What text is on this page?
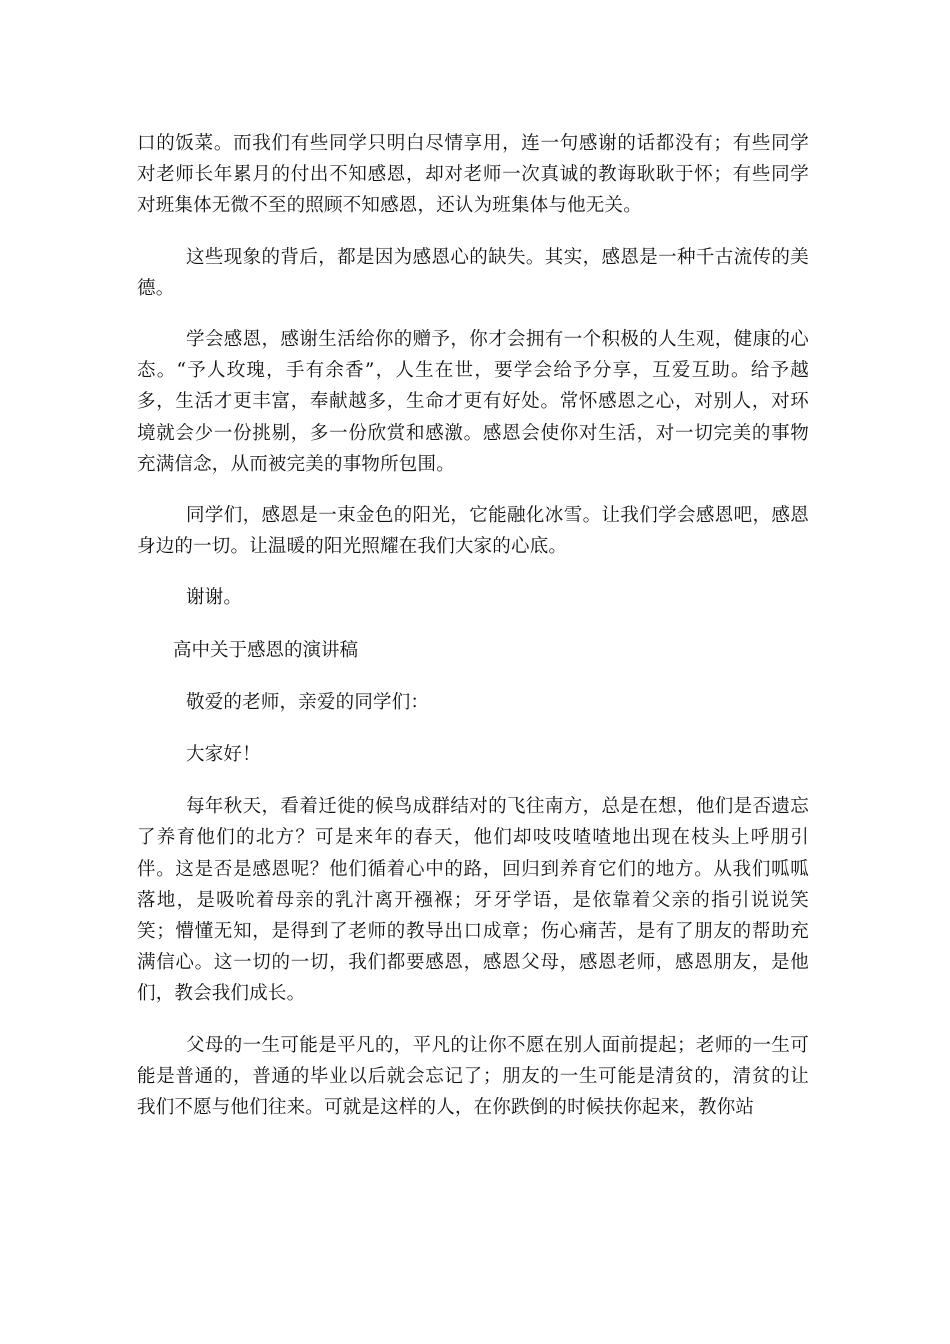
口的饭菜。而我们有些同学只明白尽情享用，连一句感谢的话都没有；有些同学对老师长年累月的付出不知感恩，却对老师一次真诚的教诲耿耿于怀；有些同学对班集体无微不至的照顾不知感恩，还认为班集体与他无关。

这些现象的背后，都是因为感恩心的缺失。其实，感恩是一种千古流传的美德。

学会感恩，感谢生活给你的赠予，你才会拥有一个积极的人生观，健康的心态。“予人玫瑰，手有余香”，人生在世，要学会给予分享，互爱互助。给予越多，生活才更丰富，奉献越多，生命才更有好处。常怀感恩之心，对别人，对环境就会少一份挑剔，多一份欣赏和感激。感恩会使你对生活，对一切完美的事物充满信念，从而被完美的事物所包围。

同学们，感恩是一束金色的阳光，它能融化冰雪。让我们学会感恩吧，感恩身边的一切。让温暖的阳光照耀在我们大家的心底。

谢谢。

高中关于感恩的演讲稿

敬爱的老师，亲爱的同学们：

大家好！

每年秋天，看着迁徙的候鸟成群结对的飞往南方，总是在想，他们是否遗忘了养育他们的北方？可是来年的春天，他们却吱吱喳喳地出现在枝头上呼朋引伴。这是否是感恩呢？他们循着心中的路，回归到养育它们的地方。从我们呱呱落地，是吸吮着母亲的乳汁离开襁褓；牙牙学语，是依靠着父亲的指引说说笑笑；懵懂无知，是得到了老师的教导出口成章；伤心痛苦，是有了朋友的帮助充满信心。这一切的一切，我们都要感恩，感恩父母，感恩老师，感恩朋友，是他们，教会我们成长。

父母的一生可能是平凡的，平凡的让你不愿在别人面前提起；老师的一生可能是普通的，普通的毕业以后就会忘记了；朋友的一生可能是清贫的，清贫的让我们不愿与他们往来。可就是这样的人，在你跌倒的时候扶你起来，教你站
